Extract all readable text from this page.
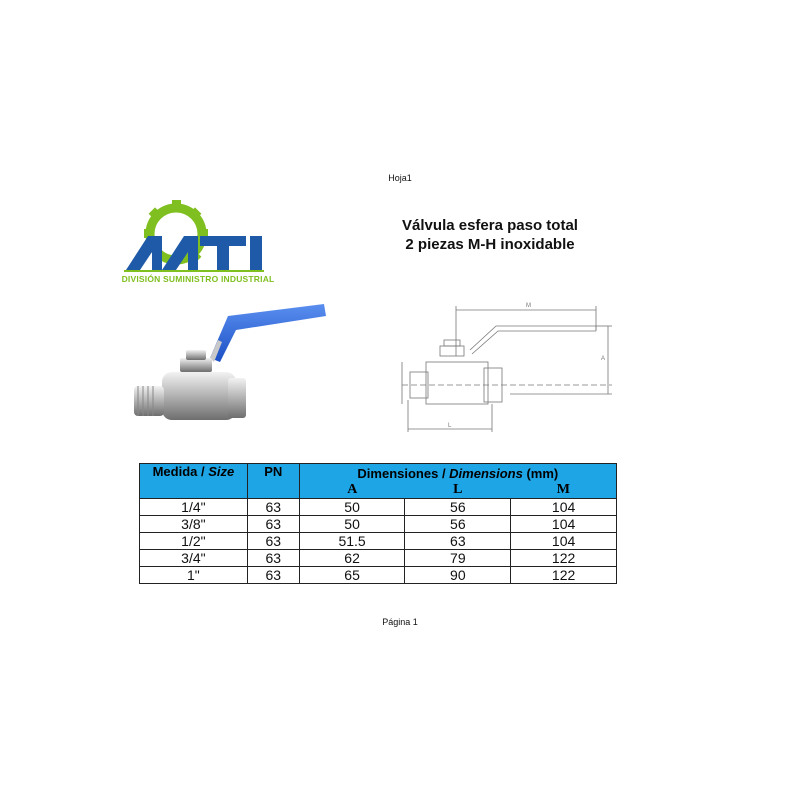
Hoja1
DIVISIÓN SUMINISTRO INDUSTRIAL
Válvula esfera paso total
2 piezas M-H inoxidable
M
A
L
Medida / Size	PN	Dimensiones / Dimensions (mm)		
		A	L	M
1/4"	63	50	56	104
3/8"	63	50	56	104
1/2"	63	51.5	63	104
3/4"	63	62	79	122
1"	63	65	90	122
Página 1
